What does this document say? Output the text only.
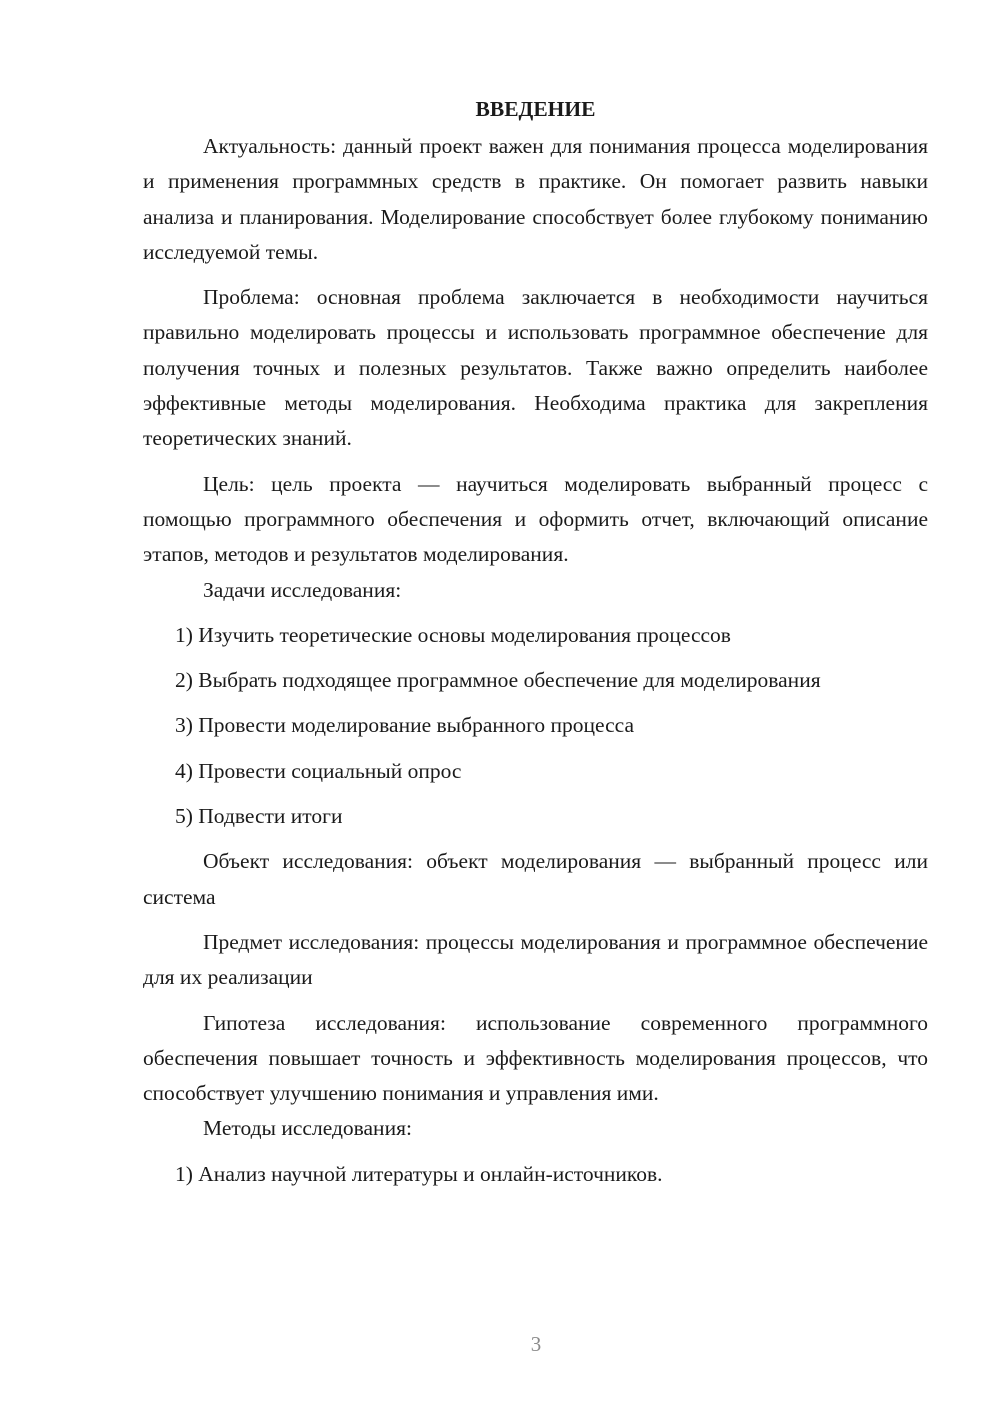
ВВЕДЕНИЕ

Актуальность: данный проект важен для понимания процесса моделирования и применения программных средств в практике. Он помогает развить навыки анализа и планирования. Моделирование способствует более глубокому пониманию исследуемой темы.

Проблема: основная проблема заключается в необходимости научиться правильно моделировать процессы и использовать программное обеспечение для получения точных и полезных результатов. Также важно определить наиболее эффективные методы моделирования. Необходима практика для закрепления теоретических знаний.

Цель: цель проекта — научиться моделировать выбранный процесс с помощью программного обеспечения и оформить отчет, включающий описание этапов, методов и результатов моделирования.

Задачи исследования:

1) Изучить теоретические основы моделирования процессов

2) Выбрать подходящее программное обеспечение для моделирования

3) Провести моделирование выбранного процесса

4) Провести социальный опрос

5) Подвести итоги

Объект исследования: объект моделирования — выбранный процесс или система

Предмет исследования: процессы моделирования и программное обеспечение для их реализации

Гипотеза исследования: использование современного программного обеспечения повышает точность и эффективность моделирования процессов, что способствует улучшению понимания и управления ими.

Методы исследования:

1) Анализ научной литературы и онлайн-источников.

3
